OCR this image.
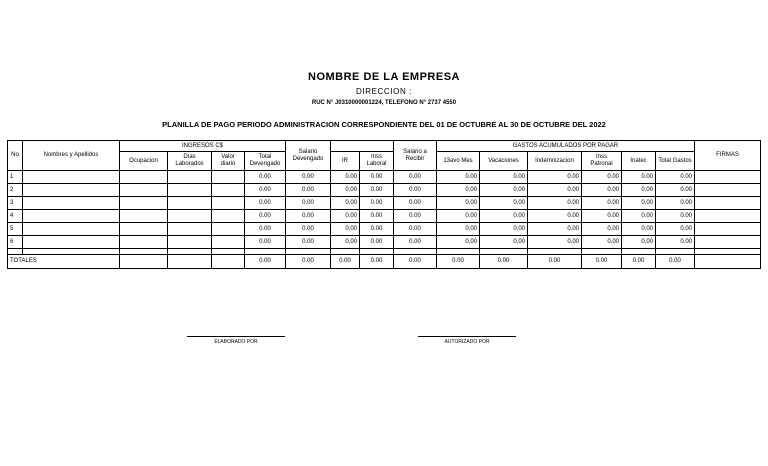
NOMBRE DE LA EMPRESA
DIRECCION :
RUC N° J0310000001224, TELEFONO N° 2737 4550
PLANILLA DE PAGO PERIODO ADMINISTRACION CORRESPONDIENTE DEL 01 DE OCTUBRE AL 30 DE OCTUBRE DEL 2022
No	Nombres y Apellidos	INGRESOS C$				Salario Devengado			Salario a Recibir	GASTOS ACUMULADOS POR PAGAR						FIRMAS
		Ocupacion	Días Laborados	Valor diario	Total Devengado		IR	Inss Laboral		13avo Mes	Vacaciones	Indemnizacion	Inss Patronal	Inatec	Total Gastos	
1					0.00	0.00	0.00	0.00	0.00	0.00	0.00	0.00	0.00	0.00	0.00	
2					0.00	0.00	0.00	0.00	0.00	0.00	0.00	0.00	0.00	0.00	0.00	
3					0.00	0.00	0.00	0.00	0.00	0.00	0.00	0.00	0.00	0.00	0.00	
4					0.00	0.00	0.00	0.00	0.00	0.00	0.00	0.00	0.00	0.00	0.00	
5					0.00	0.00	0.00	0.00	0.00	0.00	0.00	0.00	0.00	0.00	0.00	
6					0.00	0.00	0.00	0.00	0.00	0.00	0.00	0.00	0.00	0.00	0.00	

TOTALES					0.00	0.00	0.00	0.00	0.00	0.00	0.00	0.00	0.00	0.00	0.00	
ELABORADO POR	AUTORIZADO POR
